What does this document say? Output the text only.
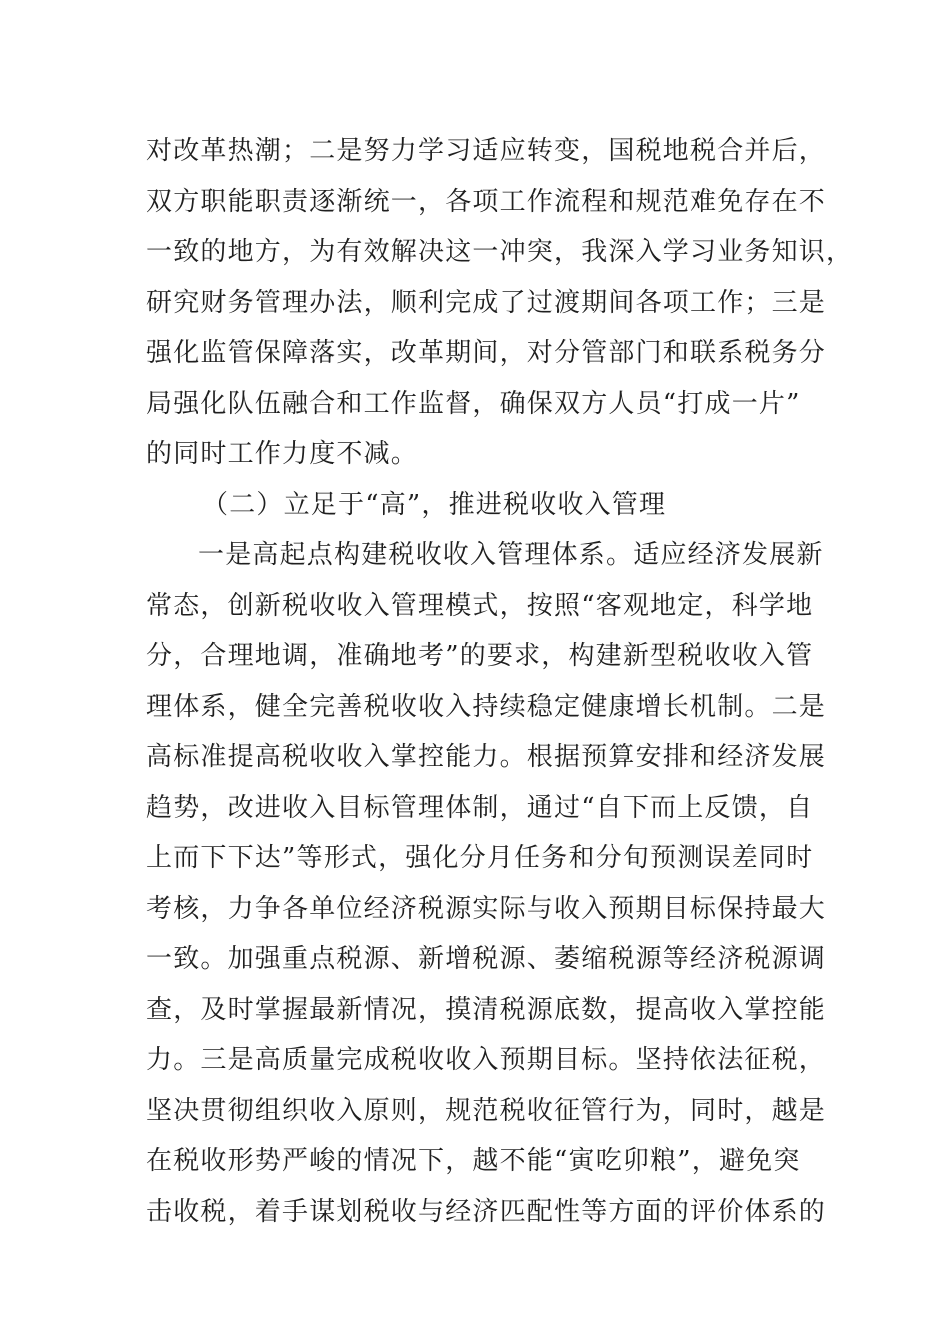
对改革热潮；二是努力学习适应转变，国税地税合并后，
双方职能职责逐渐统一，各项工作流程和规范难免存在不
一致的地方，为有效解决这一冲突，我深入学习业务知识，
研究财务管理办法，顺利完成了过渡期间各项工作；三是
强化监管保障落实，改革期间，对分管部门和联系税务分
局强化队伍融合和工作监督，确保双方人员“打成一片”
的同时工作力度不减。
（二）立足于“高”，推进税收收入管理
一是高起点构建税收收入管理体系。适应经济发展新
常态，创新税收收入管理模式，按照“客观地定，科学地
分，合理地调，准确地考”的要求，构建新型税收收入管
理体系，健全完善税收收入持续稳定健康增长机制。二是
高标准提高税收收入掌控能力。根据预算安排和经济发展
趋势，改进收入目标管理体制，通过“自下而上反馈，自
上而下下达”等形式，强化分月任务和分旬预测误差同时
考核，力争各单位经济税源实际与收入预期目标保持最大
一致。加强重点税源、新增税源、萎缩税源等经济税源调
查，及时掌握最新情况，摸清税源底数，提高收入掌控能
力。三是高质量完成税收收入预期目标。坚持依法征税，
坚决贯彻组织收入原则，规范税收征管行为，同时，越是
在税收形势严峻的情况下，越不能“寅吃卯粮”，避免突
击收税，着手谋划税收与经济匹配性等方面的评价体系的
